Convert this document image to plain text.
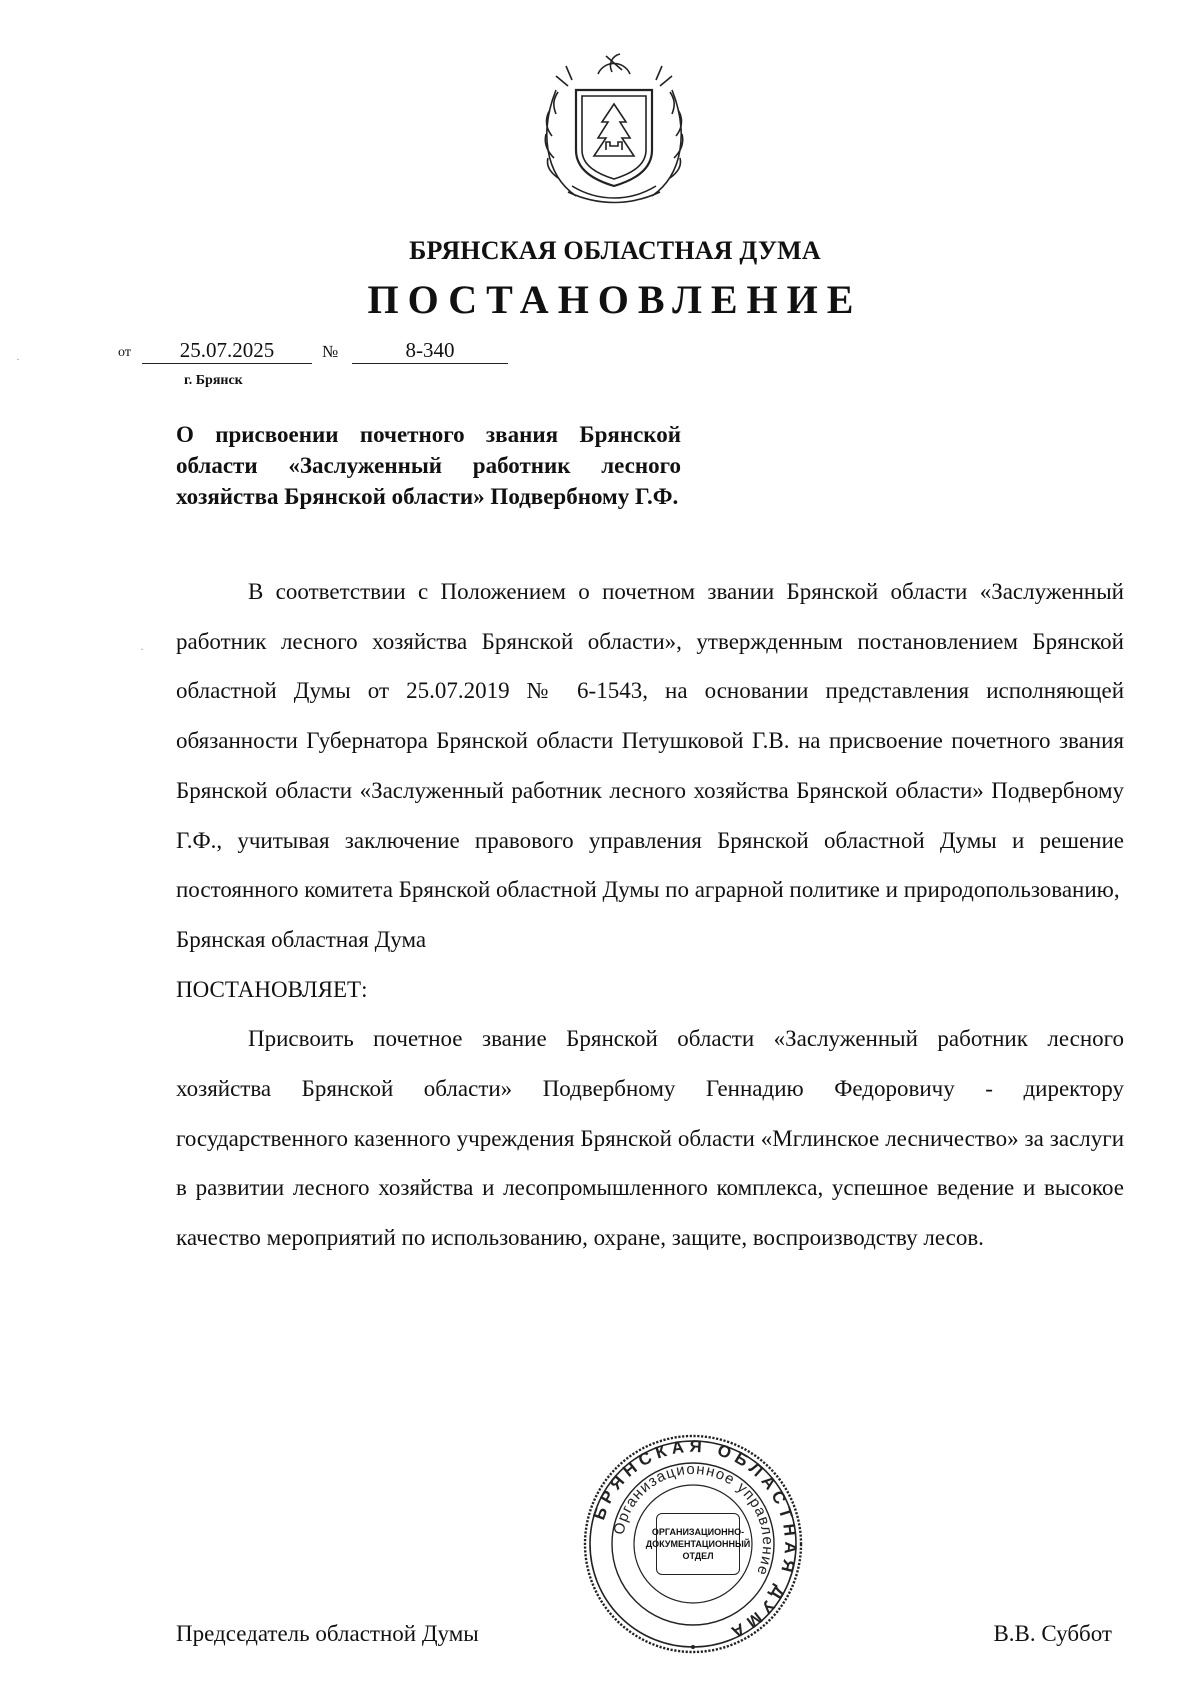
БРЯНСКАЯ ОБЛАСТНАЯ ДУМА
ПОСТАНОВЛЕНИЕ
от	25.07.2025	№	8-340
г. Брянск
О присвоении почетного звания Брянской области «Заслуженный работник лесного хозяйства Брянской области» Подвербному Г.Ф.

В соответствии с Положением о почетном звании Брянской области «Заслуженный работник лесного хозяйства Брянской области», утвержденным постановлением Брянской областной Думы от 25.07.2019 № 6-1543, на основании представления исполняющей обязанности Губернатора Брянской области Петушковой Г.В. на присвоение почетного звания Брянской области «Заслуженный работник лесного хозяйства Брянской области» Подвербному Г.Ф., учитывая заключение правового управления Брянской областной Думы и решение постоянного комитета Брянской областной Думы по аграрной политике и природопользованию,

Брянская областная Дума

ПОСТАНОВЛЯЕТ:

Присвоить почетное звание Брянской области «Заслуженный работник лесного хозяйства Брянской области» Подвербному Геннадию Федоровичу - директору государственного казенного учреждения Брянской области «Мглинское лесничество» за заслуги в развитии лесного хозяйства и лесопромышленного комплекса, успешное ведение и высокое качество мероприятий по использованию, охране, защите, воспроизводству лесов.

Председатель областной Думы	В.В. Суббот
БРЯНСКАЯ ОБЛАСТНАЯ ДУМА
Организационное управление
ОРГАНИЗАЦИОННО- ДОКУМЕНТАЦИОННЫЙ ОТДЕЛ
·
·
